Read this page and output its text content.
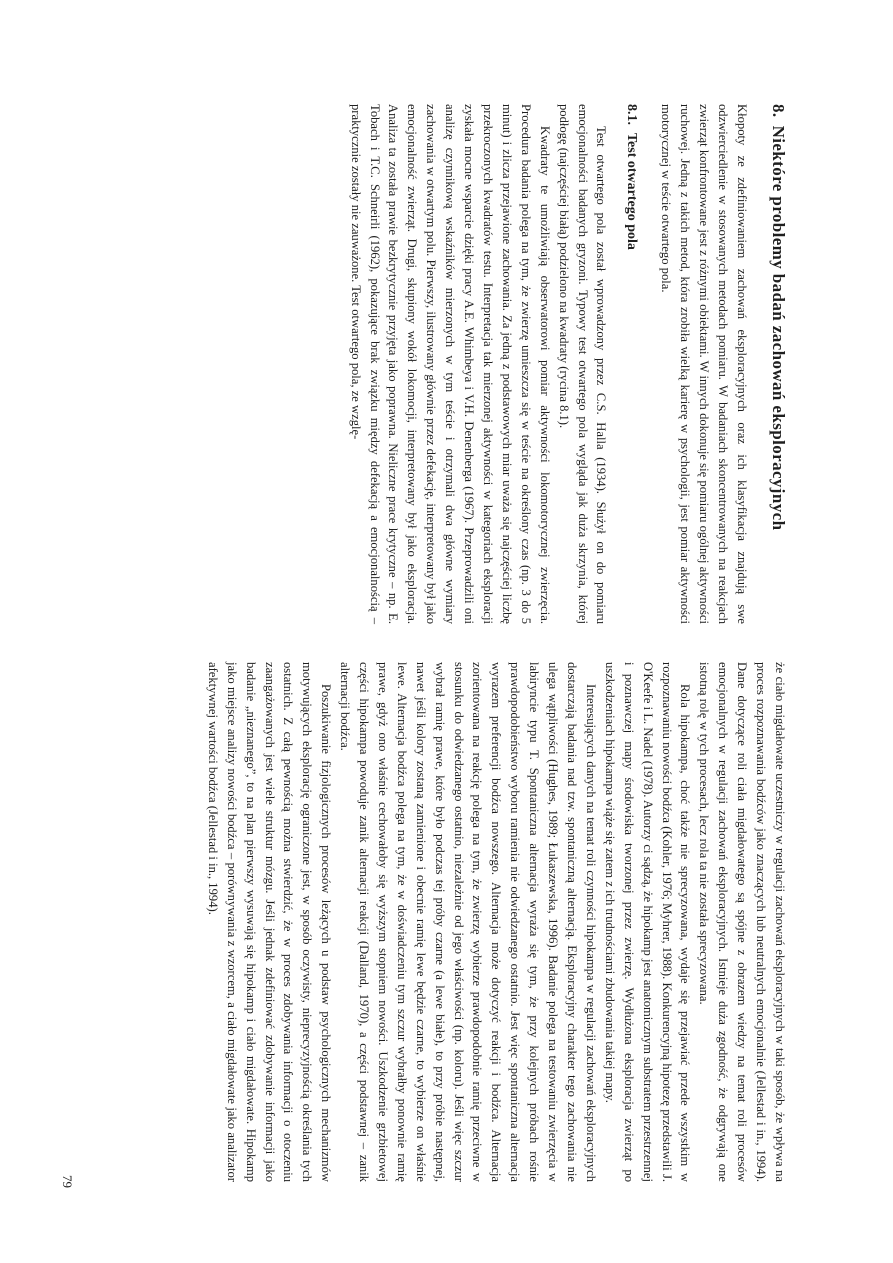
że ciało migdałowate uczestniczy w regulacji zachowań eksploracyjnych w taki sposób, że wpływa na proces rozpoznawania bodźców jako znaczących lub neutralnych emocjonalnie (Jellestad i in., 1994). Dane dotyczące roli ciała migdałowatego są spójne z obrazem wiedzy na temat roli procesów emocjonalnych w regulacji zachowań eksploracyjnych. Istnieje duża zgodność, że odgrywają one istotną rolę w tych procesach, lecz rola ta nie została sprecyzowana.

Rola hipokampa, choć także nie sprecyzowana, wydaje się przejawiać przede wszystkim w rozpoznawaniu nowości bodźca (Kohler, 1976; Myhrer, 1988). Konkurencyjną hipotezę przedstawili J. O'Keefe i L. Nadel (1978). Autorzy ci sądzą, że hipokamp jest anatomicznym substratem przestrzennej i poznawczej mapy środowiska tworzonej przez zwierzę. Wydłużona eksploracja zwierząt po uszkodzeniach hipokampa wiąże się zatem z ich trudnościami zbudowania takiej mapy.

Interesujących danych na temat roli czynności hipokampa w regulacji zachowań eksploracyjnych dostarczają badania nad tzw. spontaniczną alternacją. Eksploracyjny charakter tego zachowania nie ulega wątpliwości (Hughes, 1989; Łukaszewska, 1996). Badanie polega na testowaniu zwierzęcia w labiryncie typu T. Spontaniczna alternacja wyraża się tym, że przy kolejnych próbach rośnie prawdopodobieństwo wyboru ramienia nie odwiedzanego ostatnio. Jest więc spontaniczna alternacja wyrazem preferencji bodźca nowszego. Alternacja może dotyczyć reakcji i bodźca. Alternacja zorientowana na reakcję polega na tym, że zwierzę wybierze prawdopodobnie ramię przeciwne w stosunku do odwiedzanego ostatnio, niezależnie od jego właściwości (np. koloru). Jeśli więc szczur wybrał ramię prawe, które było podczas tej próby czarne (a lewe białe), to przy próbie następnej, nawet jeśli kolory zostaną zamienione i obecnie ramię lewe będzie czarne, to wybierze on właśnie lewe. Alternacja bodźca polega na tym, że w doświadczeniu tym szczur wybrałby ponownie ramię prawe, gdyż ono właśnie cechowałoby się wyższym stopniem nowości. Uszkodzenie grzbietowej części hipokampa powoduje zanik alternacji reakcji (Dalland, 1970), a części podstawnej – zanik alternacji bodźca.

Poszukiwanie fizjologicznych procesów leżących u podstaw psychologicznych mechanizmów motywujących eksplorację ograniczone jest, w sposób oczywisty, nieprecyzyjnością określania tych ostatnich. Z całą pewnością można stwierdzić, że w proces zdobywania informacji o otoczeniu zaangażowanych jest wiele struktur mózgu. Jeśli jednak zdefiniować zdobywanie informacji jako badanie „nieznanego”, to na plan pierwszy wysuwają się hipokamp i ciało migdałowate. Hipokamp jako miejsce analizy nowości bodźca – porównywania z wzorcem, a ciało migdałowate jako analizator afektywnej wartości bodźca (Jellestad i in., 1994).

8.Niektóre problemy badań zachowań eksploracyjnych

Kłopoty ze zdefiniowaniem zachowań eksploracyjnych oraz ich klasyfikacja znajdują swe odzwierciedlenie w stosowanych metodach pomiaru. W badaniach skoncentrowanych na reakcjach zwierząt konfrontowane jest z różnymi obiektami. W innych dokonuje się pomiaru ogólnej aktywności ruchowej. Jedną z takich metod, która zrobiła wielką karierę w psychologii, jest pomiar aktywności motorycznej w teście otwartego pola.

8.1.Test otwartego pola

Test otwartego pola został wprowadzony przez C.S. Halla (1934). Służył on do pomiaru emocjonalności badanych gryzoni. Typowy test otwartego pola wygląda jak duża skrzynia, której podłogę (najczęściej białą) podzielono na kwadraty (rycina 8.1).

Kwadraty te umożliwiają obserwatorowi pomiar aktywności lokomotorycznej zwierzęcia. Procedura badania polega na tym, że zwierzę umieszcza się w teście na określony czas (np. 3 do 5 minut) i zlicza przejawione zachowania. Za jedną z podstawowych miar uważa się najczęściej liczbę przekroczonych kwadratów testu. Interpretacja tak mierzonej aktywności w kategoriach eksploracji zyskała mocne wsparcie dzięki pracy A.E. Whimbeya i V.H. Denenberga (1967). Przeprowadzili oni analizę czynnikową wskaźników mierzonych w tym teście i otrzymali dwa główne wymiary zachowania w otwartym polu. Pierwszy, ilustrowany głównie przez defekację, interpretowany był jako emocjonalność zwierząt. Drugi, skupiony wokół lokomocji, interpretowany był jako eksploracja. Analiza ta została prawie bezkrytycznie przyjęta jako poprawna. Nieliczne prace krytyczne – np. E. Tobach i T.C. Schneirli (1962), pokazujące brak związku między defekacją a emocjonalnością – praktycznie zostały nie zauważone. Test otwartego pola, ze wzglę-

79
